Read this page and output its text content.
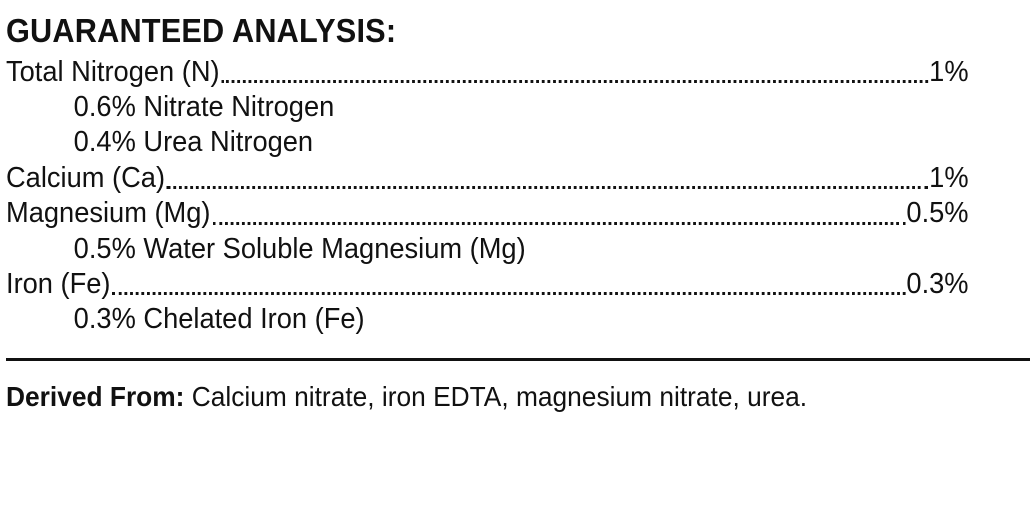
GUARANTEED ANALYSIS:
Total Nitrogen (N)	1%
0.6% Nitrate Nitrogen
0.4% Urea Nitrogen
Calcium (Ca)	1%
Magnesium (Mg)	0.5%
0.5% Water Soluble Magnesium (Mg)
Iron (Fe)	0.3%
0.3% Chelated Iron (Fe)
Derived From: Calcium nitrate, iron EDTA, magnesium nitrate, urea.
